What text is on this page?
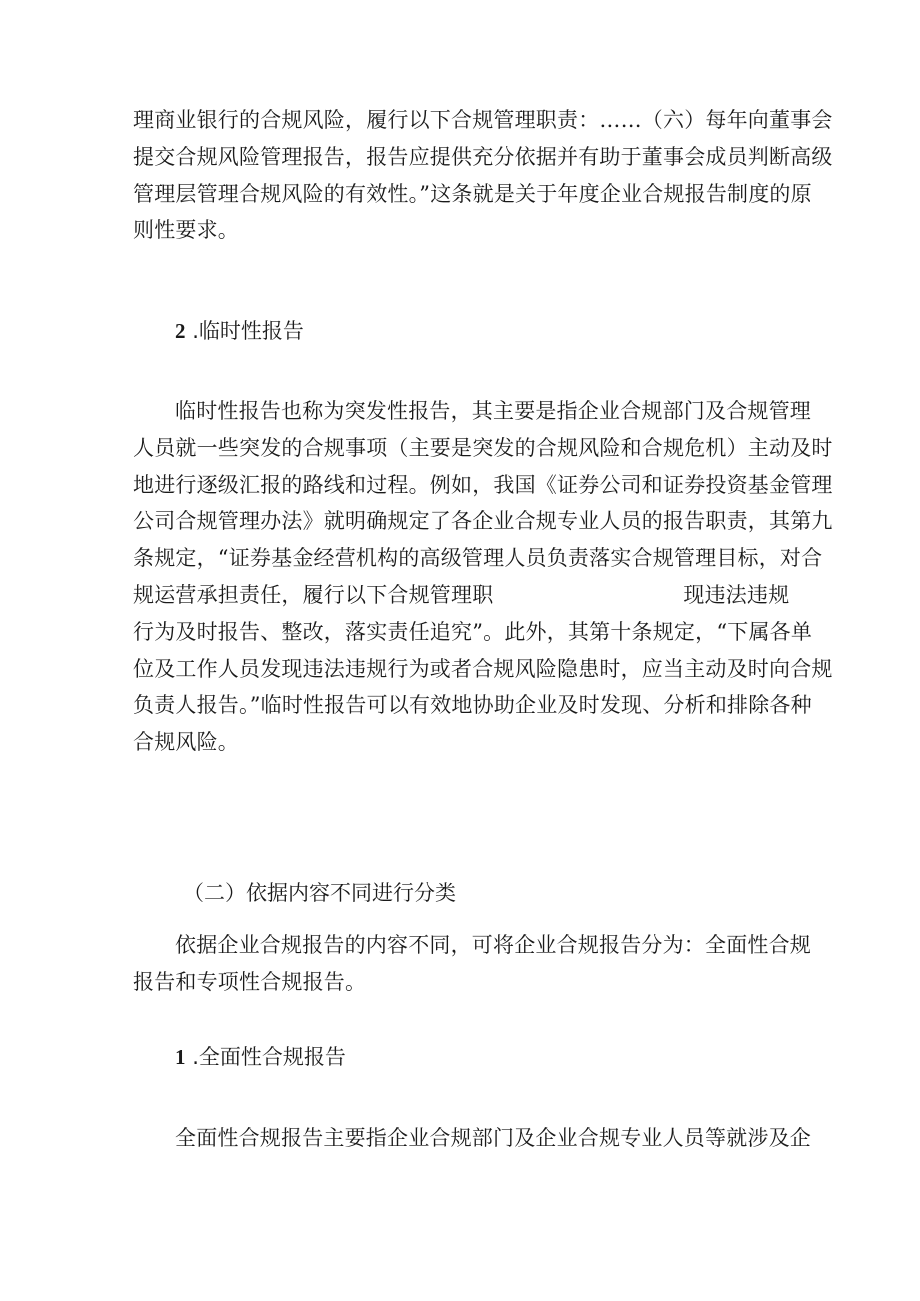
理商业银行的合规风险，履行以下合规管理职责：……（六）每年向董事会
提交合规风险管理报告，报告应提供充分依据并有助于董事会成员判断高级
管理层管理合规风险的有效性。”这条就是关于年度企业合规报告制度的原
则性要求。
2 .临时性报告
临时性报告也称为突发性报告，其主要是指企业合规部门及合规管理
人员就一些突发的合规事项（主要是突发的合规风险和合规危机）主动及时
地进行逐级汇报的路线和过程。例如，我国《证券公司和证券投资基金管理
公司合规管理办法》就明确规定了各企业合规专业人员的报告职责，其第九
条规定，“证券基金经营机构的高级管理人员负责落实合规管理目标，对合
规运营承担责任，履行以下合规管理职	现违法违规
行为及时报告、整改，落实责任追究”。此外，其第十条规定，“下属各单
位及工作人员发现违法违规行为或者合规风险隐患时，应当主动及时向合规
负责人报告。”临时性报告可以有效地协助企业及时发现、分析和排除各种
合规风险。
（二）依据内容不同进行分类
依据企业合规报告的内容不同，可将企业合规报告分为：全面性合规
报告和专项性合规报告。
1 .全面性合规报告
全面性合规报告主要指企业合规部门及企业合规专业人员等就涉及企
